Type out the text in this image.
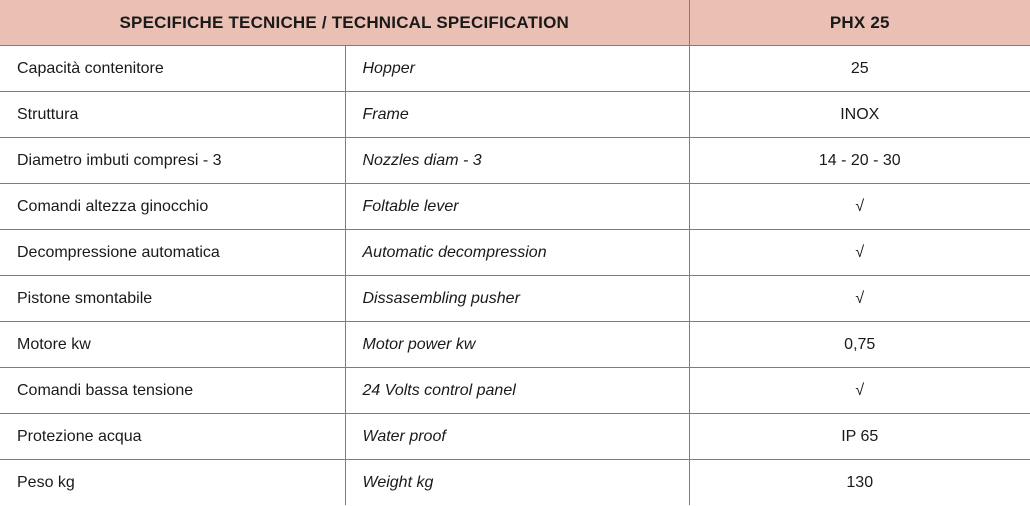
SPECIFICHE TECNICHE / TECHNICAL SPECIFICATION		PHX 25
Capacità contenitore	Hopper	25
Struttura	Frame	INOX
Diametro imbuti compresi - 3	Nozzles diam - 3	14 - 20 - 30
Comandi altezza ginocchio	Foltable lever	√
Decompressione automatica	Automatic decompression	√
Pistone smontabile	Dissasembling pusher	√
Motore kw	Motor power kw	0,75
Comandi bassa tensione	24 Volts control panel	√
Protezione acqua	Water proof	IP 65
Peso kg	Weight kg	130
